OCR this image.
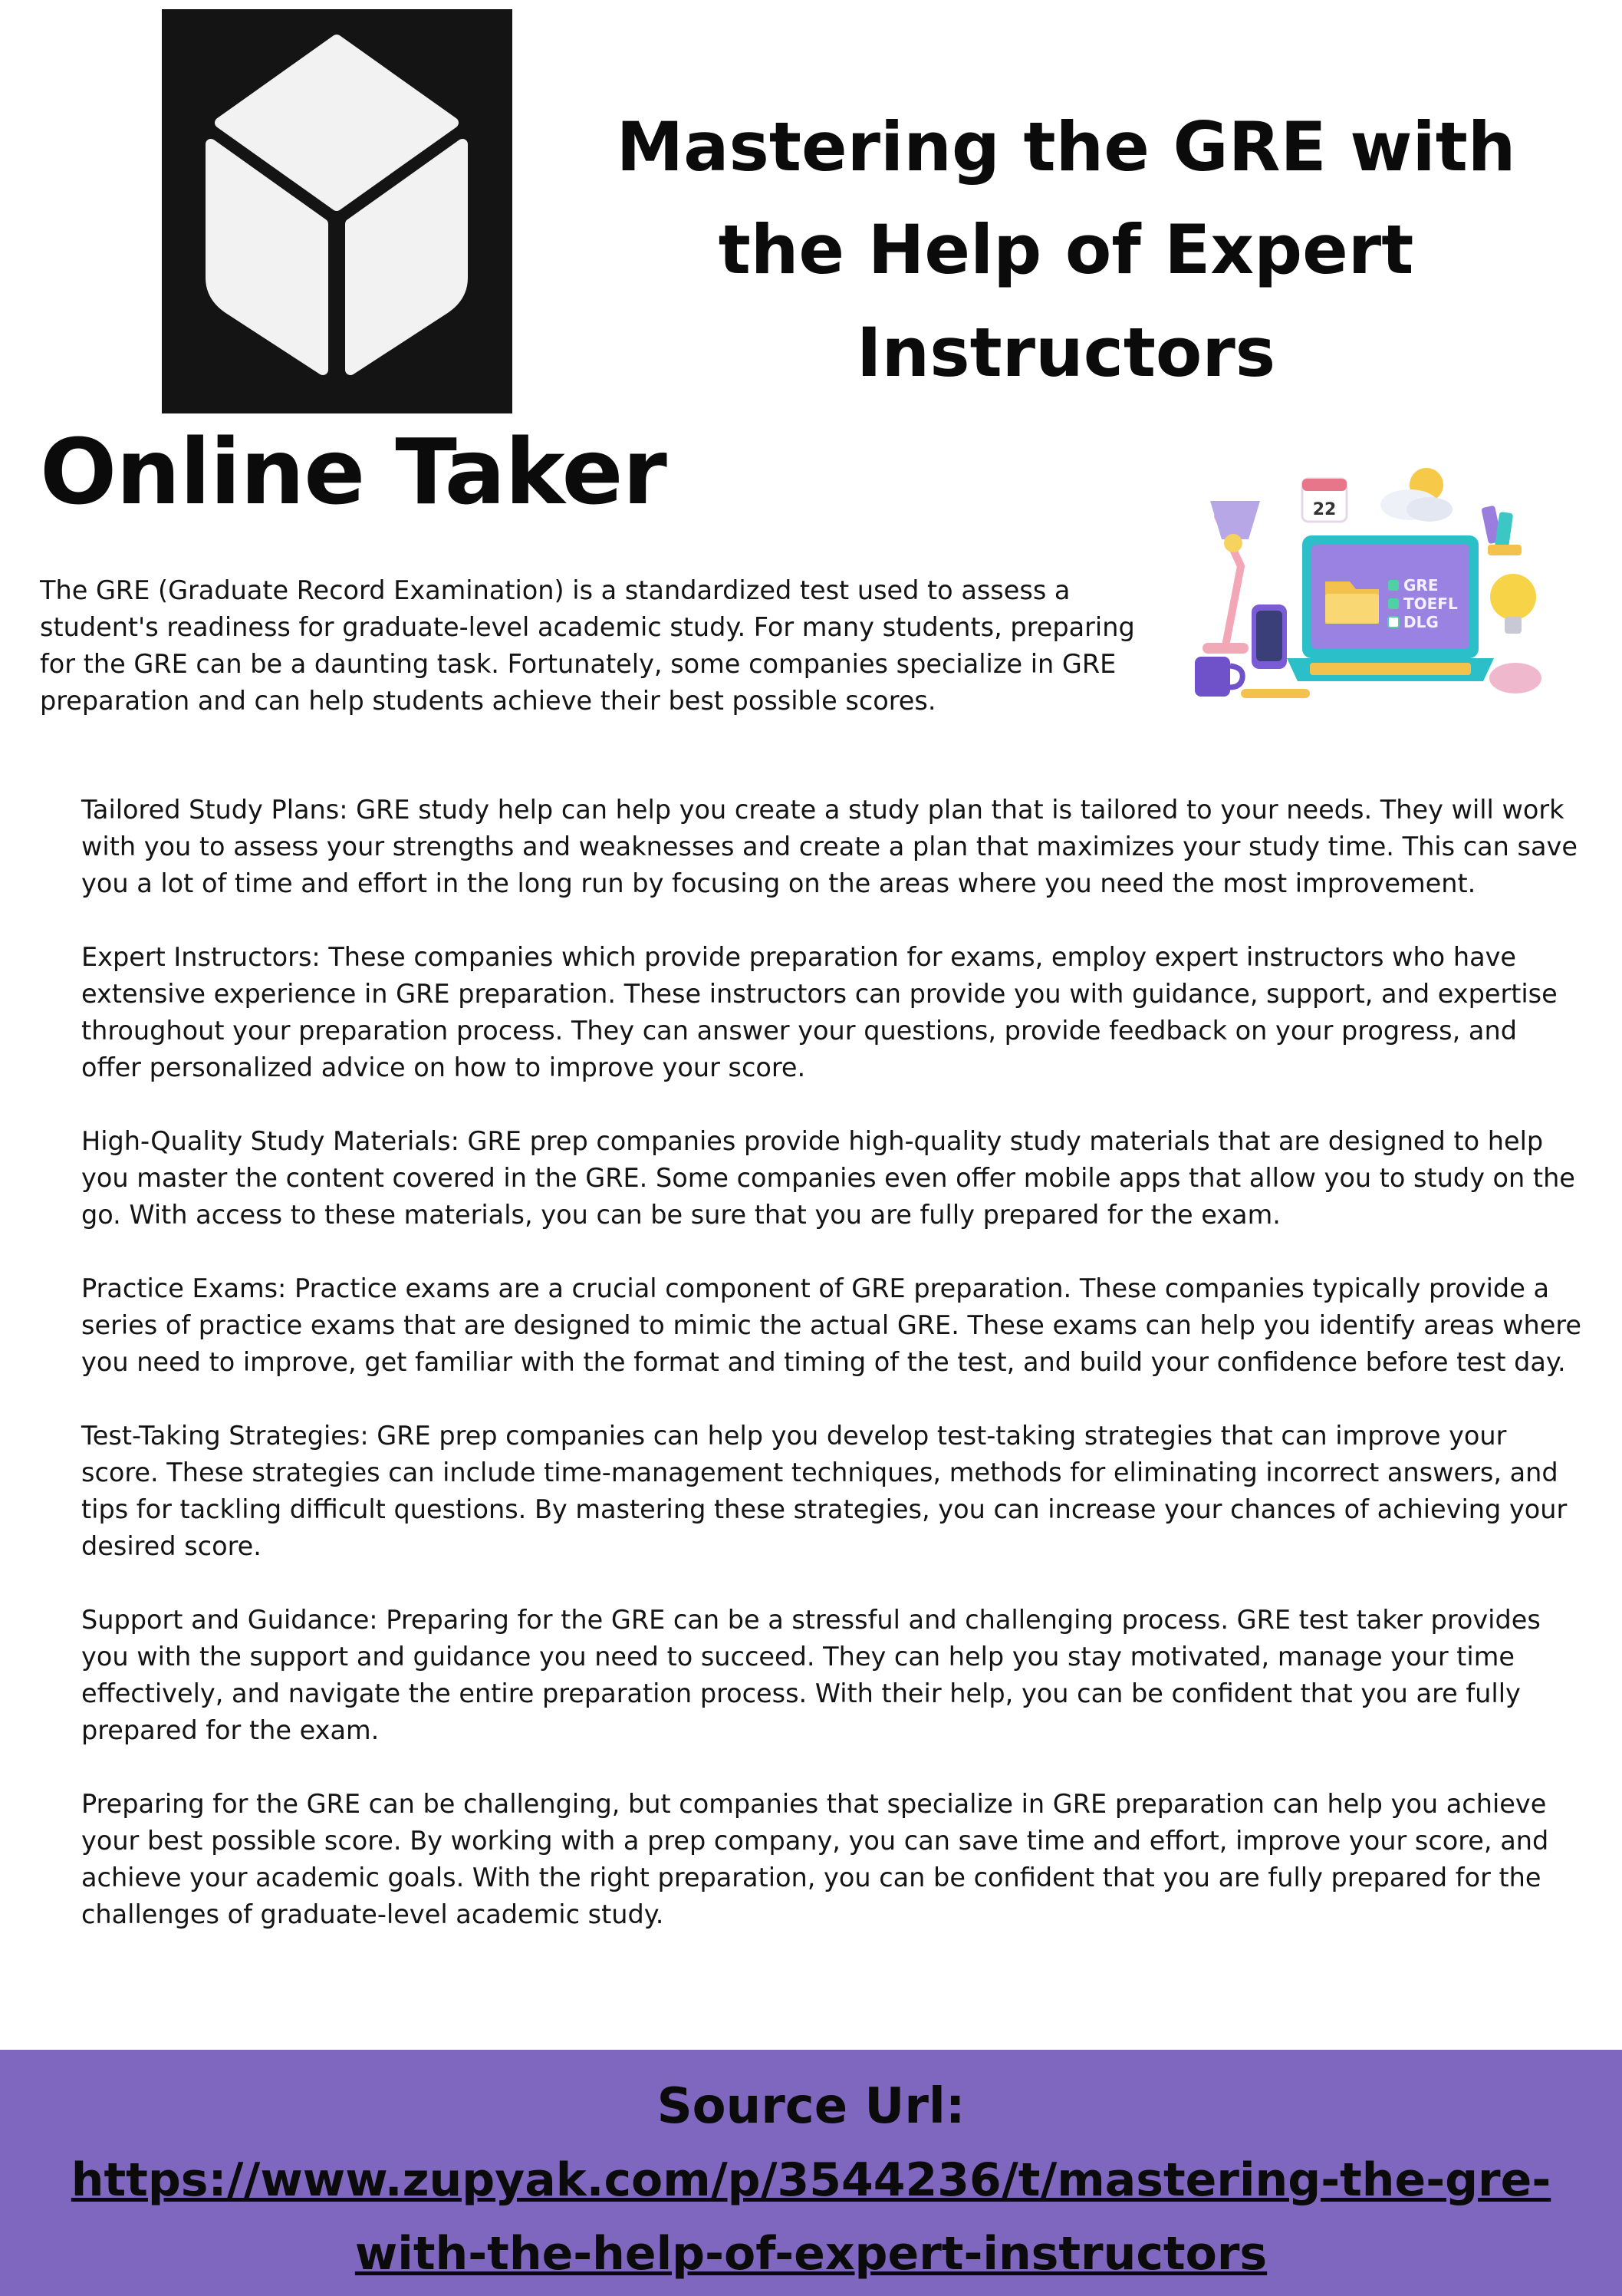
Mastering the GRE with the Help of Expert Instructors
Online Taker

The GRE (Graduate Record Examination) is a standardized test used to assess a student's readiness for graduate-level academic study. For many students, preparing for the GRE can be a daunting task. Fortunately, some companies specialize in GRE preparation and can help students achieve their best possible scores.

22
GRE
TOEFL
DLG

Tailored Study Plans: GRE study help can help you create a study plan that is tailored to your needs. They will work with you to assess your strengths and weaknesses and create a plan that maximizes your study time. This can save you a lot of time and effort in the long run by focusing on the areas where you need the most improvement.

Expert Instructors: These companies which provide preparation for exams, employ expert instructors who have extensive experience in GRE preparation. These instructors can provide you with guidance, support, and expertise throughout your preparation process. They can answer your questions, provide feedback on your progress, and offer personalized advice on how to improve your score.

High-Quality Study Materials: GRE prep companies provide high-quality study materials that are designed to help you master the content covered in the GRE. Some companies even offer mobile apps that allow you to study on the go. With access to these materials, you can be sure that you are fully prepared for the exam.

Practice Exams: Practice exams are a crucial component of GRE preparation. These companies typically provide a series of practice exams that are designed to mimic the actual GRE. These exams can help you identify areas where you need to improve, get familiar with the format and timing of the test, and build your confidence before test day.

Test-Taking Strategies: GRE prep companies can help you develop test-taking strategies that can improve your score. These strategies can include time-management techniques, methods for eliminating incorrect answers, and tips for tackling difficult questions. By mastering these strategies, you can increase your chances of achieving your desired score.

Support and Guidance: Preparing for the GRE can be a stressful and challenging process. GRE test taker provides you with the support and guidance you need to succeed. They can help you stay motivated, manage your time effectively, and navigate the entire preparation process. With their help, you can be confident that you are fully prepared for the exam.

Preparing for the GRE can be challenging, but companies that specialize in GRE preparation can help you achieve your best possible score. By working with a prep company, you can save time and effort, improve your score, and achieve your academic goals. With the right preparation, you can be confident that you are fully prepared for the challenges of graduate-level academic study.

Source Url:
https://www.zupyak.com/p/3544236/t/mastering-the-gre-
with-the-help-of-expert-instructors
